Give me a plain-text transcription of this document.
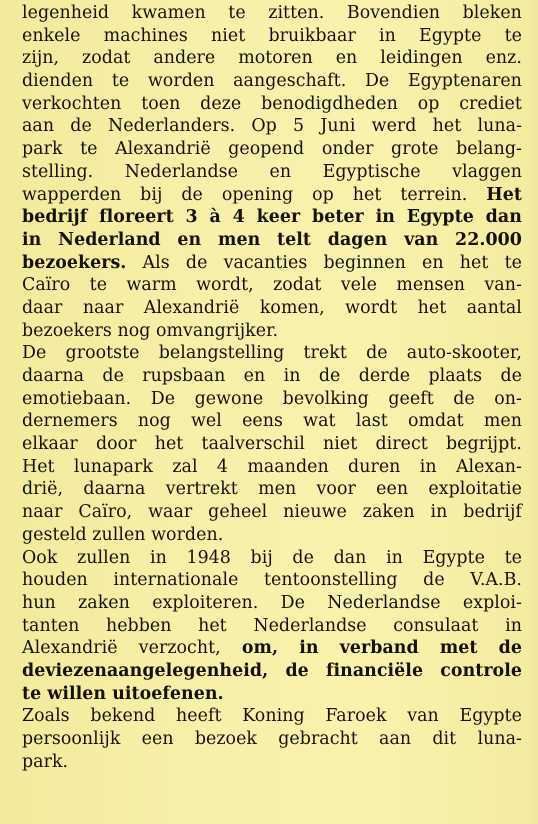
legenheid kwamen te zitten. Bovendien bleken
enkele machines niet bruikbaar in Egypte te
zijn, zodat andere motoren en leidingen enz.
dienden te worden aangeschaft. De Egyptenaren
verkochten toen deze benodigdheden op crediet
aan de Nederlanders. Op 5 Juni werd het luna-
park te Alexandrië geopend onder grote belang-
stelling. Nederlandse en Egyptische vlaggen
wapperden bij de opening op het terrein. Het
bedrijf floreert 3 à 4 keer beter in Egypte dan
in Nederland en men telt dagen van 22.000
bezoekers. Als de vacanties beginnen en het te
Caïro te warm wordt, zodat vele mensen van-
daar naar Alexandrië komen, wordt het aantal
bezoekers nog omvangrijker.
De grootste belangstelling trekt de auto-skooter,
daarna de rupsbaan en in de derde plaats de
emotiebaan. De gewone bevolking geeft de on-
dernemers nog wel eens wat last omdat men
elkaar door het taalverschil niet direct begrijpt.
Het lunapark zal 4 maanden duren in Alexan-
drië, daarna vertrekt men voor een exploitatie
naar Caïro, waar geheel nieuwe zaken in bedrijf
gesteld zullen worden.
Ook zullen in 1948 bij de dan in Egypte te
houden internationale tentoonstelling de V.A.B.
hun zaken exploiteren. De Nederlandse exploi-
tanten hebben het Nederlandse consulaat in
Alexandrië verzocht, om, in verband met de
deviezenaangelegenheid, de financiële controle
te willen uitoefenen.
Zoals bekend heeft Koning Faroek van Egypte
persoonlijk een bezoek gebracht aan dit luna-
park.
